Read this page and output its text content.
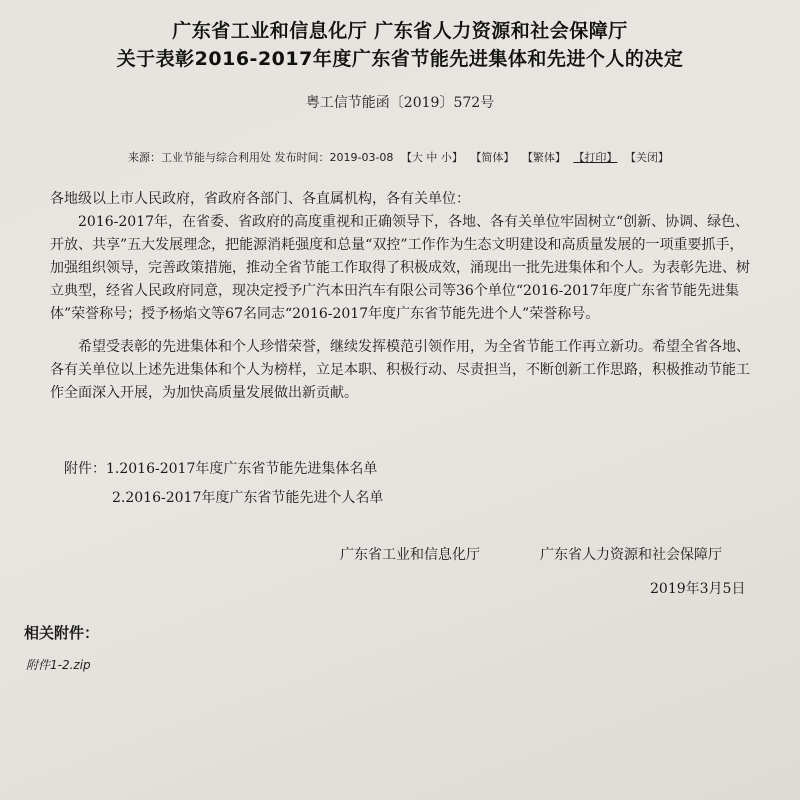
广东省工业和信息化厅 广东省人力资源和社会保障厅
关于表彰2016-2017年度广东省节能先进集体和先进个人的决定
粤工信节能函〔2019〕572号
来源：工业节能与综合利用处 发布时间：2019-03-08 【大 中 小】 【简体】 【繁体】 【打印】 【关闭】

各地级以上市人民政府，省政府各部门、各直属机构，各有关单位：

2016-2017年，在省委、省政府的高度重视和正确领导下，各地、各有关单位牢固树立“创新、协调、绿色、开放、共享”五大发展理念，把能源消耗强度和总量“双控”工作作为生态文明建设和高质量发展的一项重要抓手，加强组织领导，完善政策措施，推动全省节能工作取得了积极成效，涌现出一批先进集体和个人。为表彰先进、树立典型，经省人民政府同意，现决定授予广汽本田汽车有限公司等36个单位“2016-2017年度广东省节能先进集体”荣誉称号；授予杨焰文等67名同志“2016-2017年度广东省节能先进个人”荣誉称号。

希望受表彰的先进集体和个人珍惜荣誉，继续发挥模范引领作用，为全省节能工作再立新功。希望全省各地、各有关单位以上述先进集体和个人为榜样，立足本职、积极行动、尽责担当，不断创新工作思路，积极推动节能工作全面深入开展，为加快高质量发展做出新贡献。

附件：1.2016-2017年度广东省节能先进集体名单
2.2016-2017年度广东省节能先进个人名单
广东省工业和信息化厅	广东省人力资源和社会保障厅
2019年3月5日
相关附件：
附件1-2.zip
